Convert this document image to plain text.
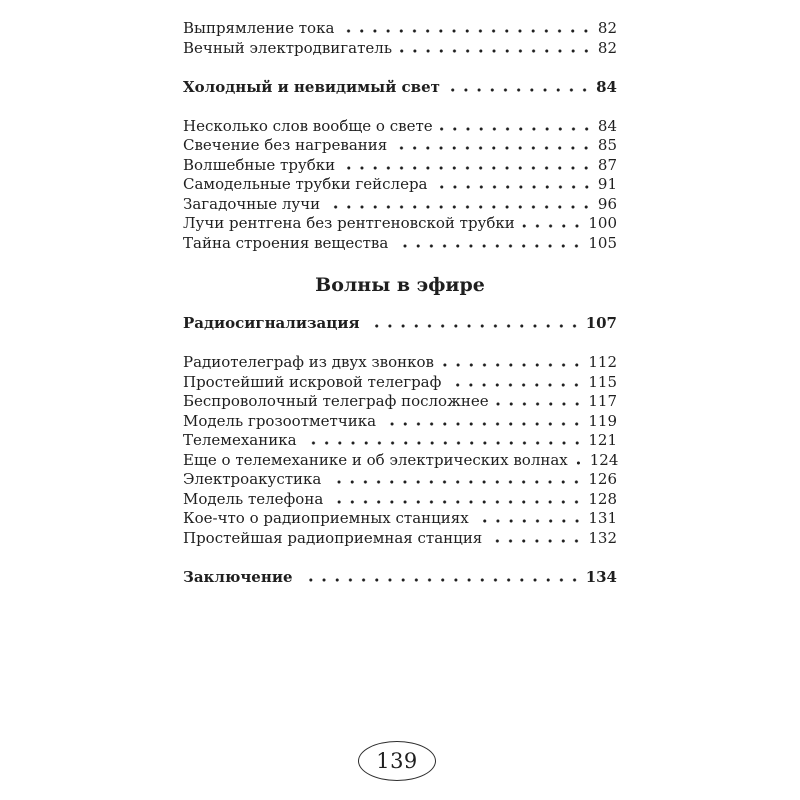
Выпрямление тока	82
Вечный электродвигатель	82
Холодный и невидимый свет	84
Несколько слов вообще о свете	84
Свечение без нагревания	85
Волшебные трубки	87
Самодельные трубки гейслера	91
Загадочные лучи	96
Лучи рентгена без рентгеновской трубки	100
Тайна строения вещества	105
Волны в эфире
Радиосигнализация	107
Радиотелеграф из двух звонков	112
Простейший искровой телеграф	115
Беспроволочный телеграф посложнее	117
Модель грозоотметчика	119
Телемеханика	121
Еще о телемеханике и об электрических волнах 124
Электроакустика	126
Модель телефона	128
Кое-что о радиоприемных станциях	131
Простейшая радиоприемная станция	132
Заключение	134
139
